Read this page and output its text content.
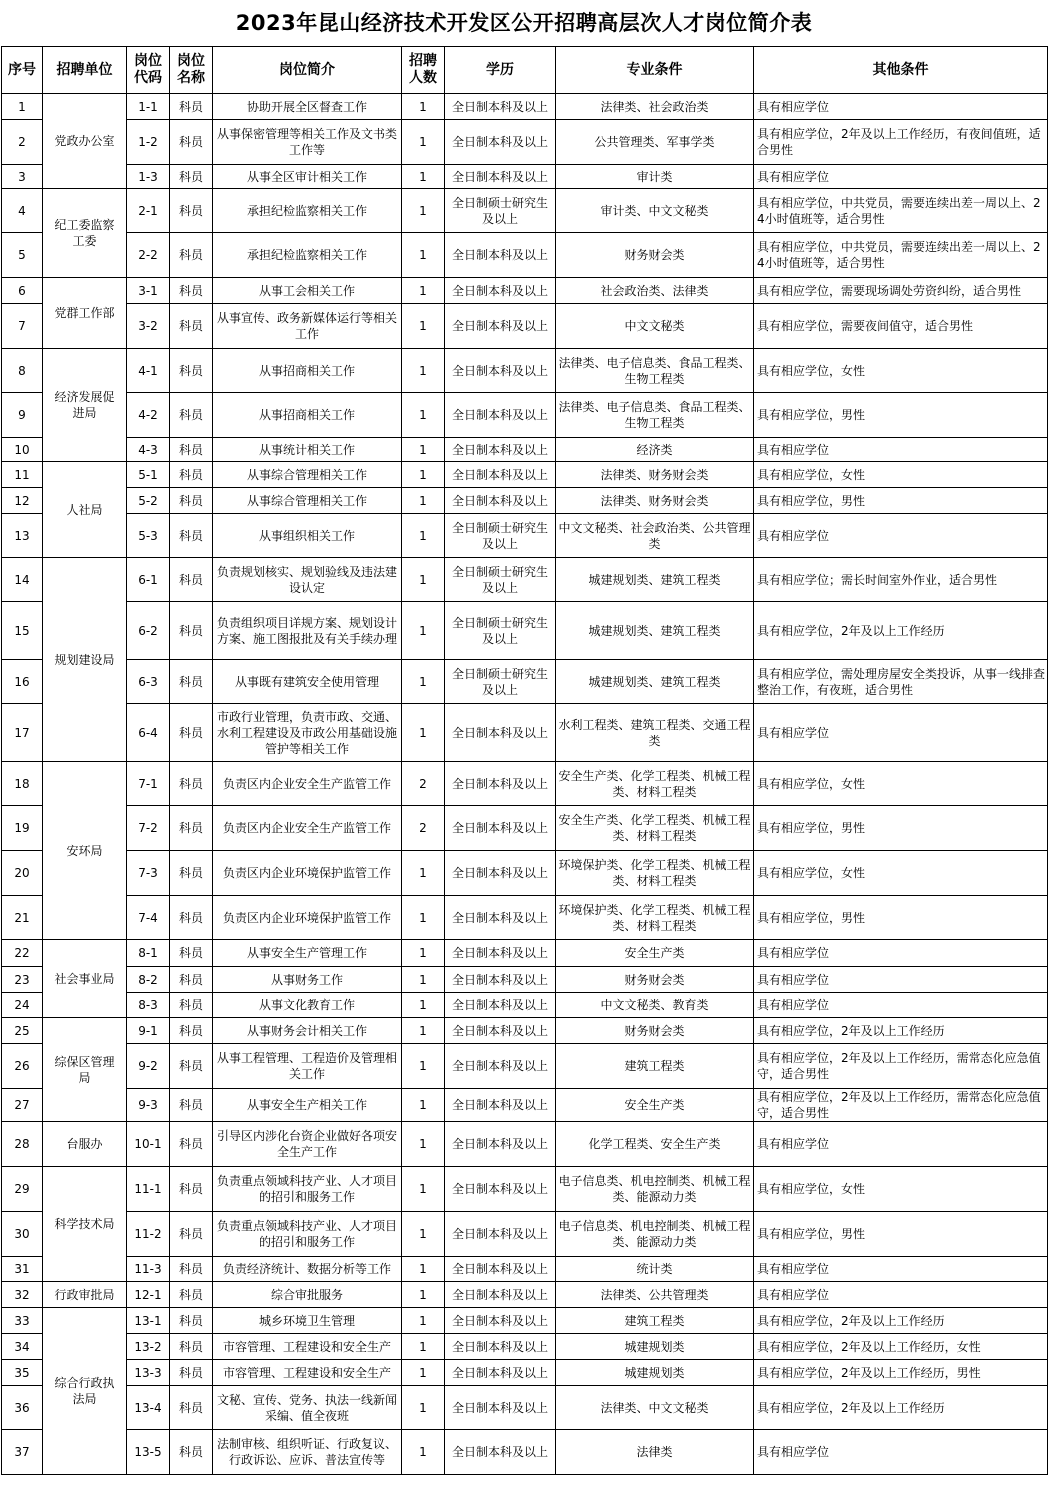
2023年昆山经济技术开发区公开招聘高层次人才岗位简介表
序号	招聘单位	岗位代码	岗位名称	岗位简介	招聘人数	学历	专业条件	其他条件
1	党政办公室	1-1	科员	协助开展全区督查工作	1	全日制本科及以上	法律类、社会政治类	具有相应学位
2		1-2	科员	从事保密管理等相关工作及文书类工作等	1	全日制本科及以上	公共管理类、军事学类	具有相应学位，2年及以上工作经历，有夜间值班，适合男性
3		1-3	科员	从事全区审计相关工作	1	全日制本科及以上	审计类	具有相应学位
4	纪工委监察工委	2-1	科员	承担纪检监察相关工作	1	全日制硕士研究生及以上	审计类、中文文秘类	具有相应学位，中共党员，需要连续出差一周以上、24小时值班等，适合男性
5		2-2	科员	承担纪检监察相关工作	1	全日制本科及以上	财务财会类	具有相应学位，中共党员，需要连续出差一周以上、24小时值班等，适合男性
6	党群工作部	3-1	科员	从事工会相关工作	1	全日制本科及以上	社会政治类、法律类	具有相应学位，需要现场调处劳资纠纷，适合男性
7		3-2	科员	从事宣传、政务新媒体运行等相关工作	1	全日制本科及以上	中文文秘类	具有相应学位，需要夜间值守，适合男性
8	经济发展促进局	4-1	科员	从事招商相关工作	1	全日制本科及以上	法律类、电子信息类、食品工程类、生物工程类	具有相应学位，女性
9		4-2	科员	从事招商相关工作	1	全日制本科及以上	法律类、电子信息类、食品工程类、生物工程类	具有相应学位，男性
10		4-3	科员	从事统计相关工作	1	全日制本科及以上	经济类	具有相应学位
11	人社局	5-1	科员	从事综合管理相关工作	1	全日制本科及以上	法律类、财务财会类	具有相应学位，女性
12		5-2	科员	从事综合管理相关工作	1	全日制本科及以上	法律类、财务财会类	具有相应学位，男性
13		5-3	科员	从事组织相关工作	1	全日制硕士研究生及以上	中文文秘类、社会政治类、公共管理类	具有相应学位
14	规划建设局	6-1	科员	负责规划核实、规划验线及违法建设认定	1	全日制硕士研究生及以上	城建规划类、建筑工程类	具有相应学位；需长时间室外作业，适合男性
15		6-2	科员	负责组织项目详规方案、规划设计方案、施工图报批及有关手续办理	1	全日制硕士研究生及以上	城建规划类、建筑工程类	具有相应学位，2年及以上工作经历
16		6-3	科员	从事既有建筑安全使用管理	1	全日制硕士研究生及以上	城建规划类、建筑工程类	具有相应学位，需处理房屋安全类投诉，从事一线排查整治工作，有夜班，适合男性
17		6-4	科员	市政行业管理，负责市政、交通、水利工程建设及市政公用基础设施管护等相关工作	1	全日制本科及以上	水利工程类、建筑工程类、交通工程类	具有相应学位
18	安环局	7-1	科员	负责区内企业安全生产监管工作	2	全日制本科及以上	安全生产类、化学工程类、机械工程类、材料工程类	具有相应学位，女性
19		7-2	科员	负责区内企业安全生产监管工作	2	全日制本科及以上	安全生产类、化学工程类、机械工程类、材料工程类	具有相应学位，男性
20		7-3	科员	负责区内企业环境保护监管工作	1	全日制本科及以上	环境保护类、化学工程类、机械工程类、材料工程类	具有相应学位，女性
21		7-4	科员	负责区内企业环境保护监管工作	1	全日制本科及以上	环境保护类、化学工程类、机械工程类、材料工程类	具有相应学位，男性
22	社会事业局	8-1	科员	从事安全生产管理工作	1	全日制本科及以上	安全生产类	具有相应学位
23		8-2	科员	从事财务工作	1	全日制本科及以上	财务财会类	具有相应学位
24		8-3	科员	从事文化教育工作	1	全日制本科及以上	中文文秘类、教育类	具有相应学位
25	综保区管理局	9-1	科员	从事财务会计相关工作	1	全日制本科及以上	财务财会类	具有相应学位，2年及以上工作经历
26		9-2	科员	从事工程管理、工程造价及管理相关工作	1	全日制本科及以上	建筑工程类	具有相应学位，2年及以上工作经历，需常态化应急值守，适合男性
27		9-3	科员	从事安全生产相关工作	1	全日制本科及以上	安全生产类	具有相应学位，2年及以上工作经历，需常态化应急值守，适合男性
28	台服办	10-1	科员	引导区内涉化台资企业做好各项安全生产工作	1	全日制本科及以上	化学工程类、安全生产类	具有相应学位
29	科学技术局	11-1	科员	负责重点领域科技产业、人才项目的招引和服务工作	1	全日制本科及以上	电子信息类、机电控制类、机械工程类、能源动力类	具有相应学位，女性
30		11-2	科员	负责重点领域科技产业、人才项目的招引和服务工作	1	全日制本科及以上	电子信息类、机电控制类、机械工程类、能源动力类	具有相应学位，男性
31		11-3	科员	负责经济统计、数据分析等工作	1	全日制本科及以上	统计类	具有相应学位
32	行政审批局	12-1	科员	综合审批服务	1	全日制本科及以上	法律类、公共管理类	具有相应学位
33	综合行政执法局	13-1	科员	城乡环境卫生管理	1	全日制本科及以上	建筑工程类	具有相应学位，2年及以上工作经历
34		13-2	科员	市容管理、工程建设和安全生产	1	全日制本科及以上	城建规划类	具有相应学位，2年及以上工作经历，女性
35		13-3	科员	市容管理、工程建设和安全生产	1	全日制本科及以上	城建规划类	具有相应学位，2年及以上工作经历，男性
36		13-4	科员	文秘、宣传、党务、执法一线新闻采编、值全夜班	1	全日制本科及以上	法律类、中文文秘类	具有相应学位，2年及以上工作经历
37		13-5	科员	法制审核、组织听证、行政复议、行政诉讼、应诉、普法宣传等	1	全日制本科及以上	法律类	具有相应学位
